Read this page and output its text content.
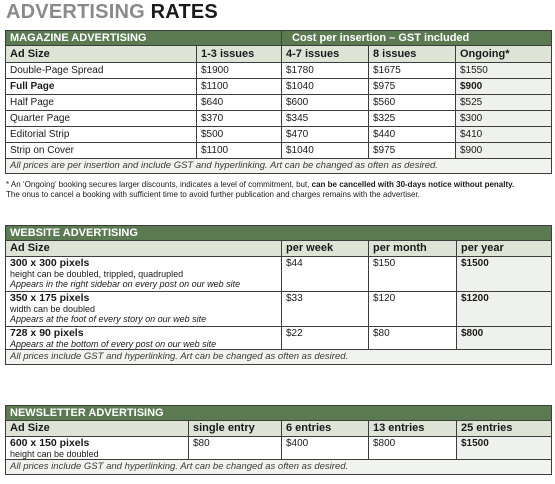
ADVERTISING RATES
MAGAZINE ADVERTISING		Cost per insertion – GST included		
Ad Size	1-3 issues	4-7 issues	8 issues	Ongoing*
Double-Page Spread	$1900	$1780	$1675	$1550
Full Page	$1100	$1040	$975	$900
Half Page	$640	$600	$560	$525
Quarter Page	$370	$345	$325	$300
Editorial Strip	$500	$470	$440	$410
Strip on Cover	$1100	$1040	$975	$900
All prices are per insertion and include GST and hyperlinking. Art can be changed as often as desired.				
* An ‘Ongoing’ booking secures larger discounts, indicates a level of commitment, but, can be cancelled with 30-days notice without penalty.
The onus to cancel a booking with sufficient time to avoid further publication and charges remains with the advertiser.
WEBSITE ADVERTISING			
Ad Size	per week	per month	per year

300 x 300 pixels
height can be doubled, trippled, quadrupled
Appears in the right sidebar on every post on our web site	$44	$150	$1500

350 x 175 pixels
width can be doubled
Appears at the foot of every story on our web site	$33	$120	$1200

728 x 90 pixels
Appears at the bottom of every post on our web site	$22	$80	$800
All prices include GST and hyperlinking. Art can be changed as often as desired.			
NEWSLETTER ADVERTISING				
Ad Size	single entry	6 entries	13 entries	25 entries

600 x 150 pixels
height can be doubled	$80	$400	$800	$1500
All prices include GST and hyperlinking. Art can be changed as often as desired.				
